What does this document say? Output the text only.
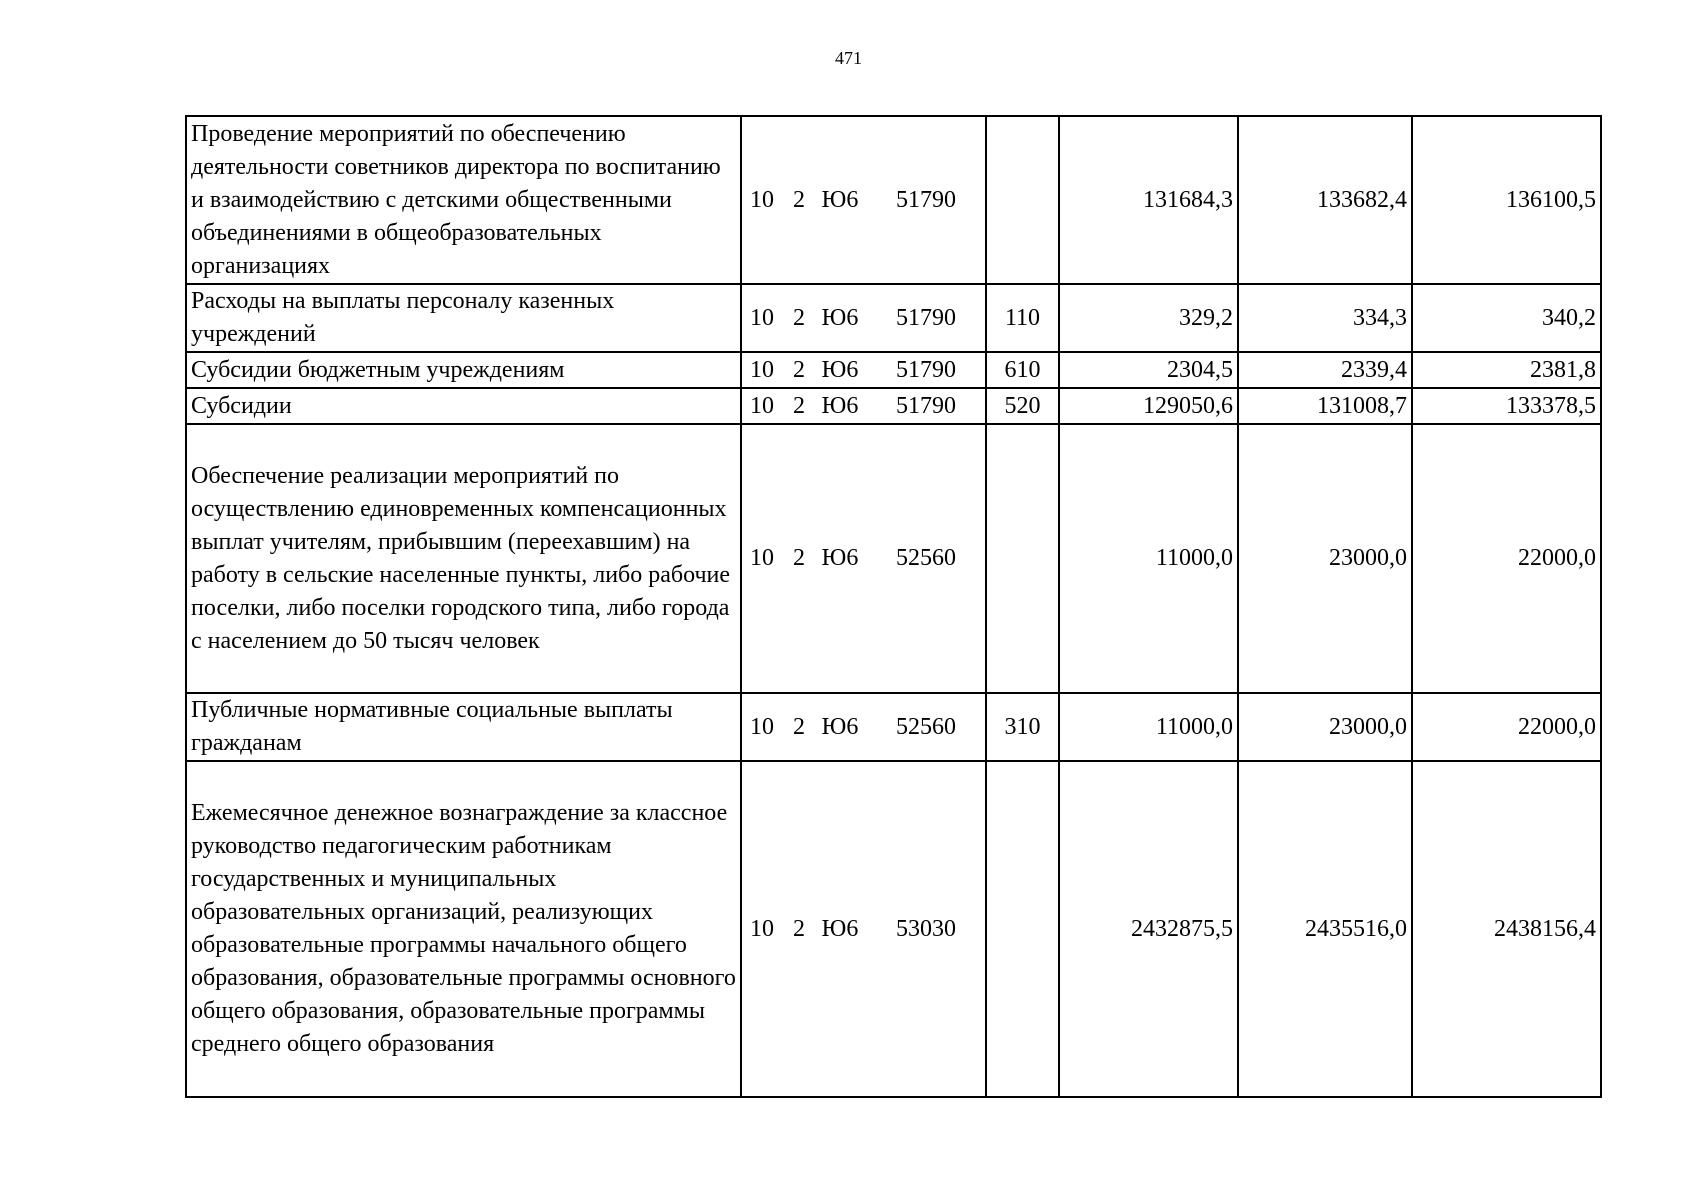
471
Проведение мероприятий по обеспечению деятельности советников директора по воспитанию и взаимодействию с детскими общественными объединениями в общеобразовательных организациях	10 2 Ю6 51790		131684,3	133682,4	136100,5
Расходы на выплаты персоналу казенных учреждений	10 2 Ю6 51790	110	329,2	334,3	340,2
Субсидии бюджетным учреждениям	10 2 Ю6 51790	610	2304,5	2339,4	2381,8
Субсидии	10 2 Ю6 51790	520	129050,6	131008,7	133378,5
Обеспечение реализации мероприятий по осуществлению единовременных компенсационных выплат учителям, прибывшим (переехавшим) на работу в сельские населенные пункты, либо рабочие поселки, либо поселки городского типа, либо города с населением до 50 тысяч человек	10 2 Ю6 52560		11000,0	23000,0	22000,0
Публичные нормативные социальные выплаты гражданам	10 2 Ю6 52560	310	11000,0	23000,0	22000,0
Ежемесячное денежное вознаграждение за классное руководство педагогическим работникам государственных и муниципальных образовательных организаций, реализующих образовательные программы начального общего образования, образовательные программы основного общего образования, образовательные программы среднего общего образования	10 2 Ю6 53030		2432875,5	2435516,0	2438156,4
